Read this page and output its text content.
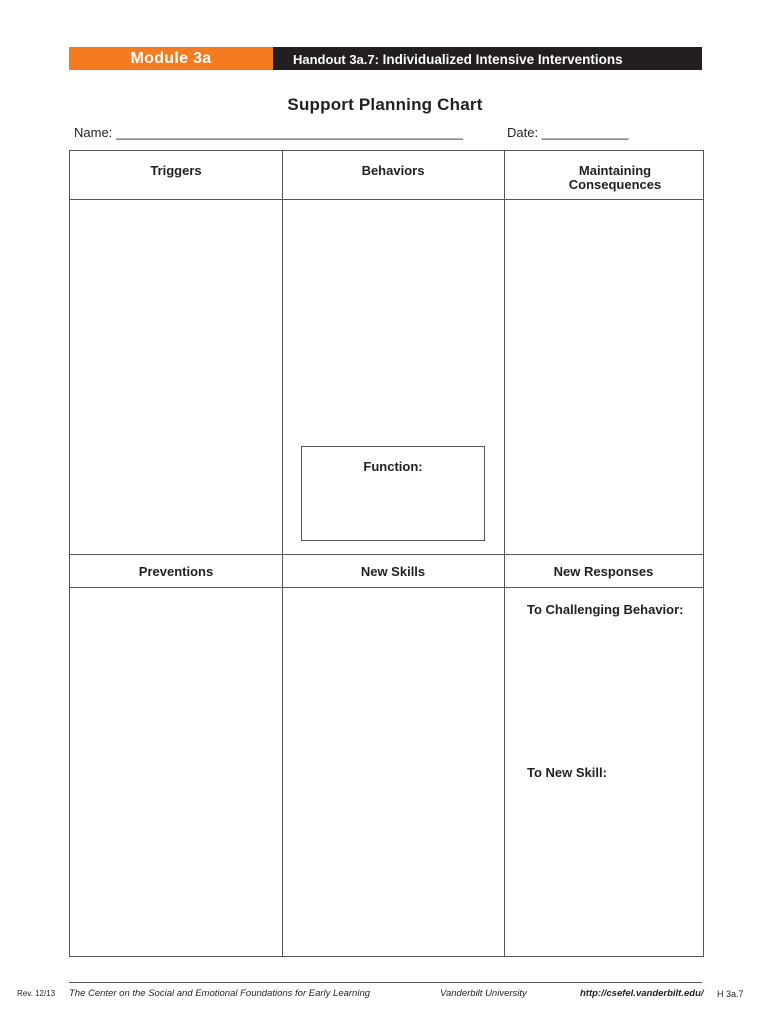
Module 3a	Handout 3a.7: Individualized Intensive Interventions
Support Planning Chart
Name: ________________________________________________	Date: ____________
Triggers	Behaviors	Maintaining Consequences
Function:
Preventions	New Skills	New Responses
To Challenging Behavior:
To New Skill:
Rev. 12/13 The Center on the Social and Emotional Foundations for Early Learning	Vanderbilt University	http://csefel.vanderbilt.edu/ H 3a.7
